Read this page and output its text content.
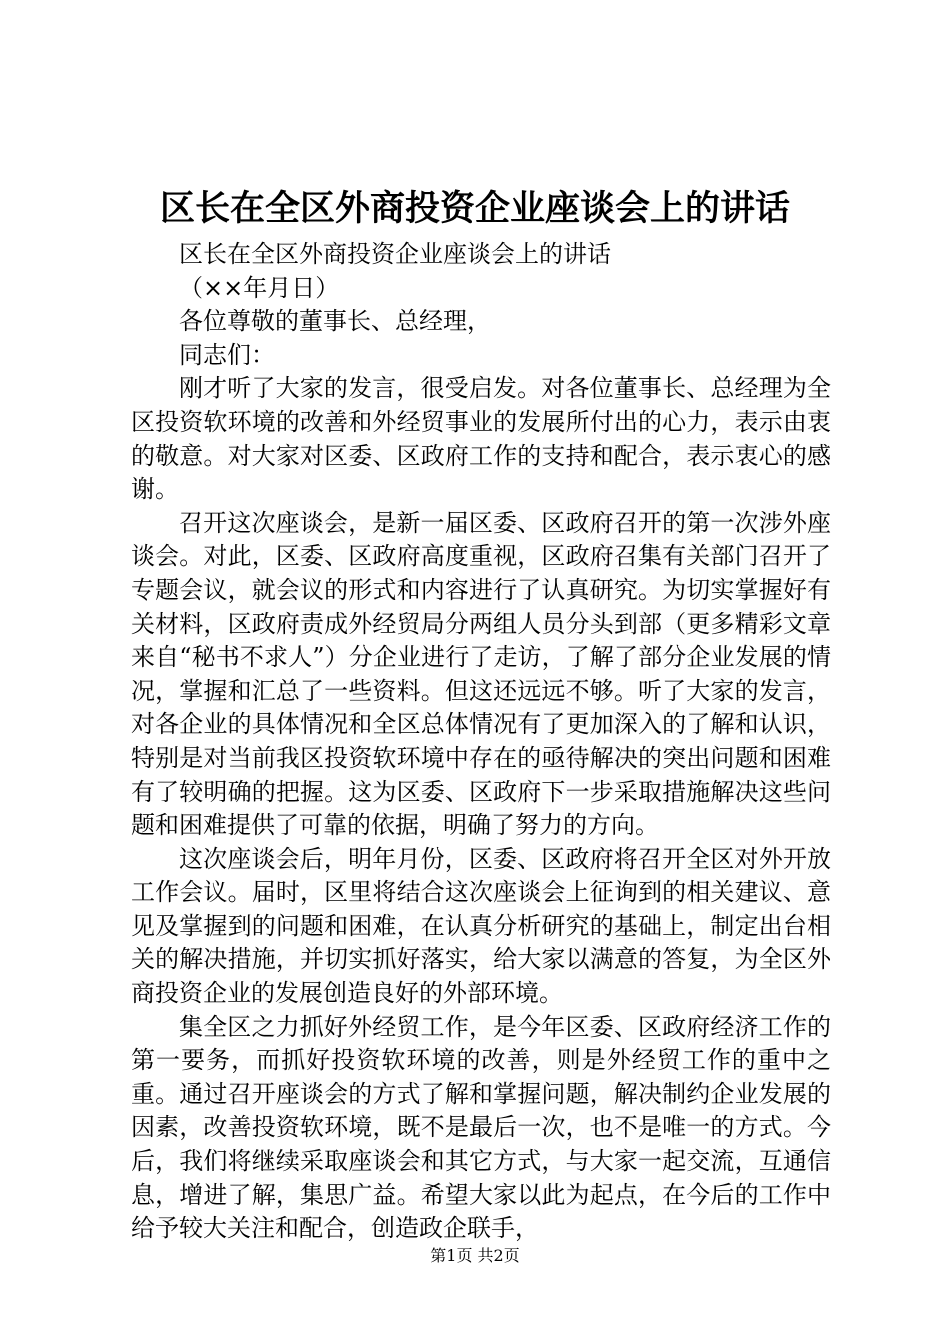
区长在全区外商投资企业座谈会上的讲话

区长在全区外商投资企业座谈会上的讲话

（××年月日）

各位尊敬的董事长、总经理，

同志们：

刚才听了大家的发言，很受启发。对各位董事长、总经理为全区投资软环境的改善和外经贸事业的发展所付出的心力，表示由衷的敬意。对大家对区委、区政府工作的支持和配合，表示衷心的感谢。

召开这次座谈会，是新一届区委、区政府召开的第一次涉外座谈会。对此，区委、区政府高度重视，区政府召集有关部门召开了专题会议，就会议的形式和内容进行了认真研究。为切实掌握好有关材料，区政府责成外经贸局分两组人员分头到部（更多精彩文章来自“秘书不求人”）分企业进行了走访，了解了部分企业发展的情况，掌握和汇总了一些资料。但这还远远不够。听了大家的发言，对各企业的具体情况和全区总体情况有了更加深入的了解和认识，特别是对当前我区投资软环境中存在的亟待解决的突出问题和困难有了较明确的把握。这为区委、区政府下一步采取措施解决这些问题和困难提供了可靠的依据，明确了努力的方向。

这次座谈会后，明年月份，区委、区政府将召开全区对外开放工作会议。届时，区里将结合这次座谈会上征询到的相关建议、意见及掌握到的问题和困难，在认真分析研究的基础上，制定出台相关的解决措施，并切实抓好落实，给大家以满意的答复，为全区外商投资企业的发展创造良好的外部环境。

集全区之力抓好外经贸工作，是今年区委、区政府经济工作的第一要务，而抓好投资软环境的改善，则是外经贸工作的重中之重。通过召开座谈会的方式了解和掌握问题，解决制约企业发展的因素，改善投资软环境，既不是最后一次，也不是唯一的方式。今后，我们将继续采取座谈会和其它方式，与大家一起交流，互通信息，增进了解，集思广益。希望大家以此为起点，在今后的工作中给予较大关注和配合，创造政企联手，

第1页 共2页
